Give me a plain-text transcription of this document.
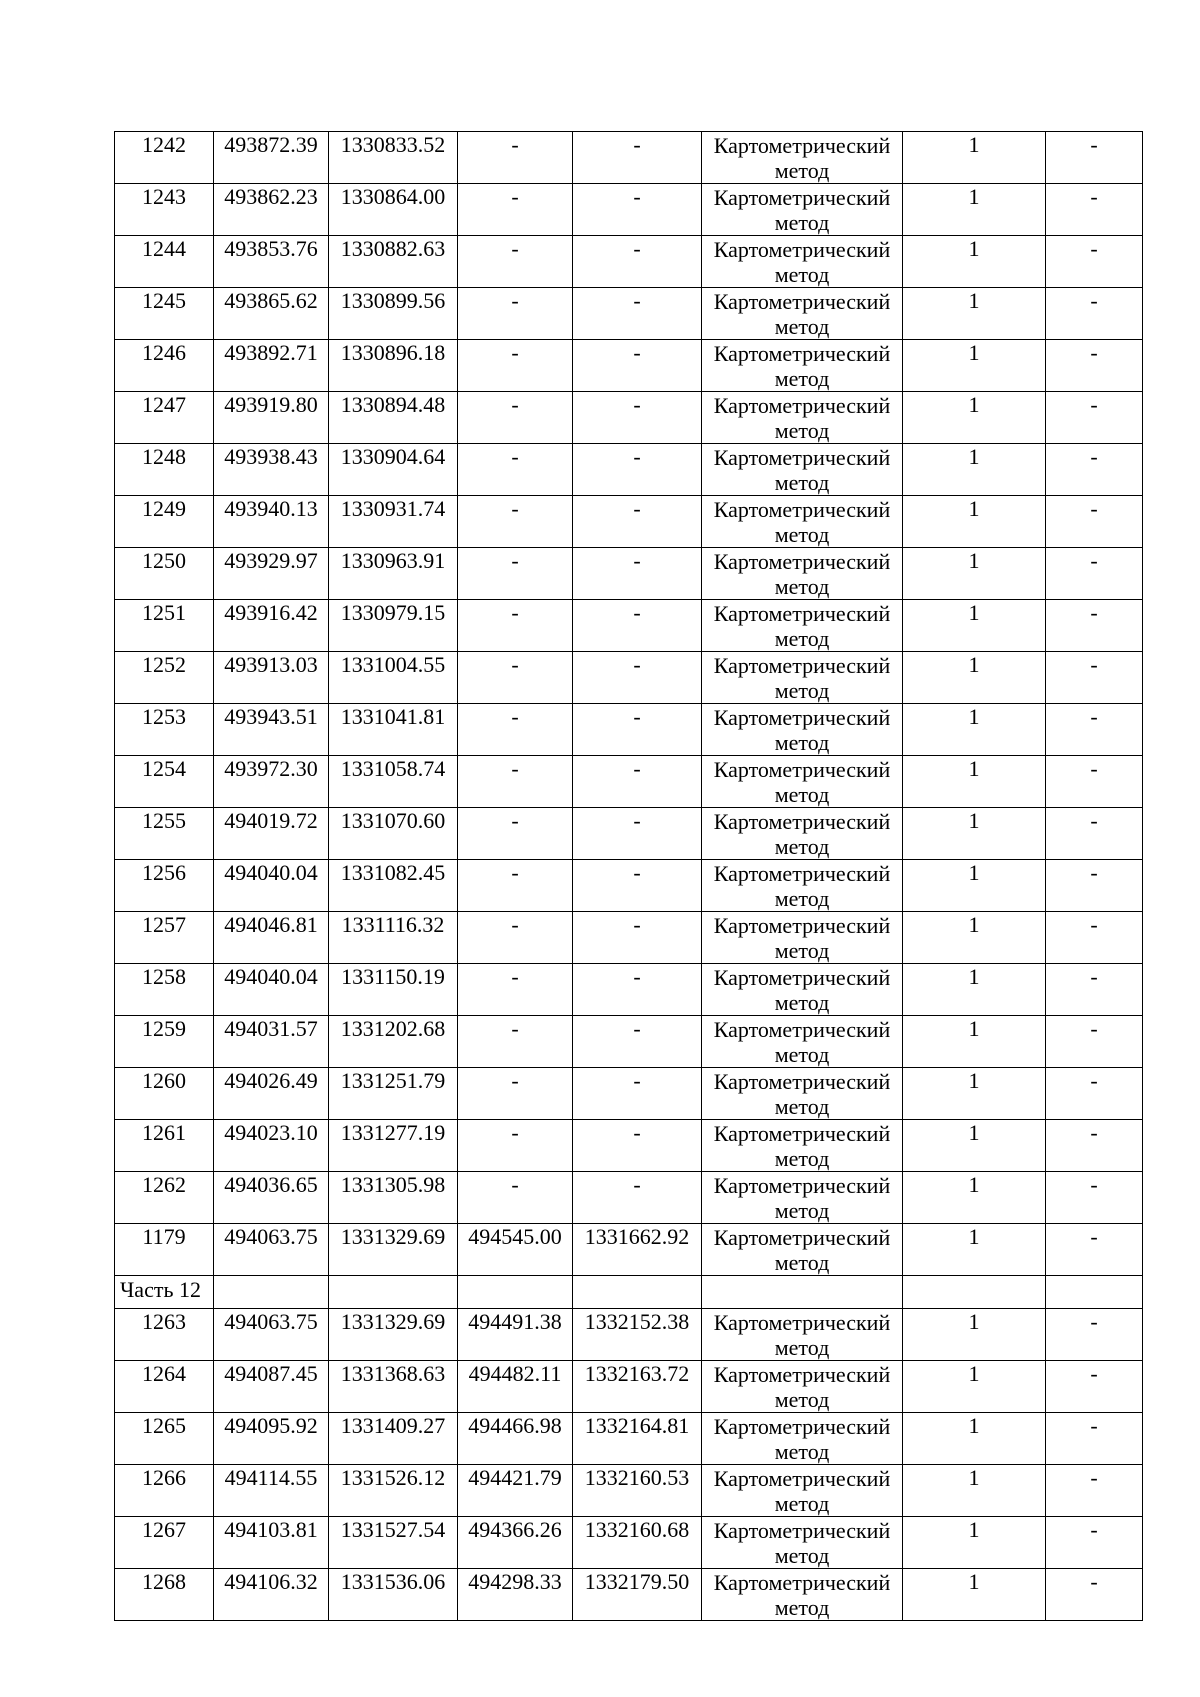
1242	493872.39	1330833.52	-	-	Картометрический метод	1	-

1243	493862.23	1330864.00	-	-	Картометрический метод	1	-

1244	493853.76	1330882.63	-	-	Картометрический метод	1	-

1245	493865.62	1330899.56	-	-	Картометрический метод	1	-

1246	493892.71	1330896.18	-	-	Картометрический метод	1	-

1247	493919.80	1330894.48	-	-	Картометрический метод	1	-

1248	493938.43	1330904.64	-	-	Картометрический метод	1	-

1249	493940.13	1330931.74	-	-	Картометрический метод	1	-

1250	493929.97	1330963.91	-	-	Картометрический метод	1	-

1251	493916.42	1330979.15	-	-	Картометрический метод	1	-

1252	493913.03	1331004.55	-	-	Картометрический метод	1	-

1253	493943.51	1331041.81	-	-	Картометрический метод	1	-

1254	493972.30	1331058.74	-	-	Картометрический метод	1	-

1255	494019.72	1331070.60	-	-	Картометрический метод	1	-

1256	494040.04	1331082.45	-	-	Картометрический метод	1	-

1257	494046.81	1331116.32	-	-	Картометрический метод	1	-

1258	494040.04	1331150.19	-	-	Картометрический метод	1	-

1259	494031.57	1331202.68	-	-	Картометрический метод	1	-

1260	494026.49	1331251.79	-	-	Картометрический метод	1	-

1261	494023.10	1331277.19	-	-	Картометрический метод	1	-

1262	494036.65	1331305.98	-	-	Картометрический метод	1	-

1179	494063.75	1331329.69	494545.00	1331662.92	Картометрический метод	1	-

Часть 12							

1263	494063.75	1331329.69	494491.38	1332152.38	Картометрический метод	1	-

1264	494087.45	1331368.63	494482.11	1332163.72	Картометрический метод	1	-

1265	494095.92	1331409.27	494466.98	1332164.81	Картометрический метод	1	-

1266	494114.55	1331526.12	494421.79	1332160.53	Картометрический метод	1	-

1267	494103.81	1331527.54	494366.26	1332160.68	Картометрический метод	1	-

1268	494106.32	1331536.06	494298.33	1332179.50	Картометрический метод	1	-
